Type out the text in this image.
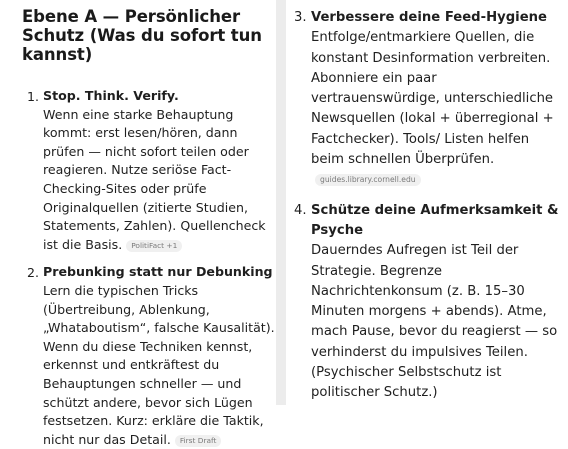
Ebene A — Persönlicher Schutz (Was du sofort tun kannst)
1. Stop. Think. Verify.
Wenn eine starke Behauptung kommt: erst lesen/hören, dann prüfen — nicht sofort teilen oder reagieren. Nutze seriöse Fact-Checking-Sites oder prüfe Originalquellen (zitierte Studien, Statements, Zahlen). Quellencheck ist die Basis. PolitiFact +1
2. Prebunking statt nur Debunking
Lern die typischen Tricks (Übertreibung, Ablenkung, „Whataboutism“, falsche Kausalität). Wenn du diese Techniken kennst, erkennst und entkräftest du Behauptungen schneller — und schützt andere, bevor sich Lügen festsetzen. Kurz: erkläre die Taktik, nicht nur das Detail. First Draft
3. Verbessere deine Feed-Hygiene
Entfolge/entmarkiere Quellen, die konstant Desinformation verbreiten. Abonniere ein paar vertrauenswürdige, unterschiedliche Newsquellen (lokal + überregional + Factchecker). Tools/ Listen helfen beim schnellen Überprüfen.guides.library.cornell.edu
4. Schütze deine Aufmerksamkeit & Psyche
Dauerndes Aufregen ist Teil der Strategie. Begrenze Nachrichtenkonsum (z. B. 15–30 Minuten morgens + abends). Atme, mach Pause, bevor du reagierst — so verhinderst du impulsives Teilen. (Psychischer Selbstschutz ist politischer Schutz.)
